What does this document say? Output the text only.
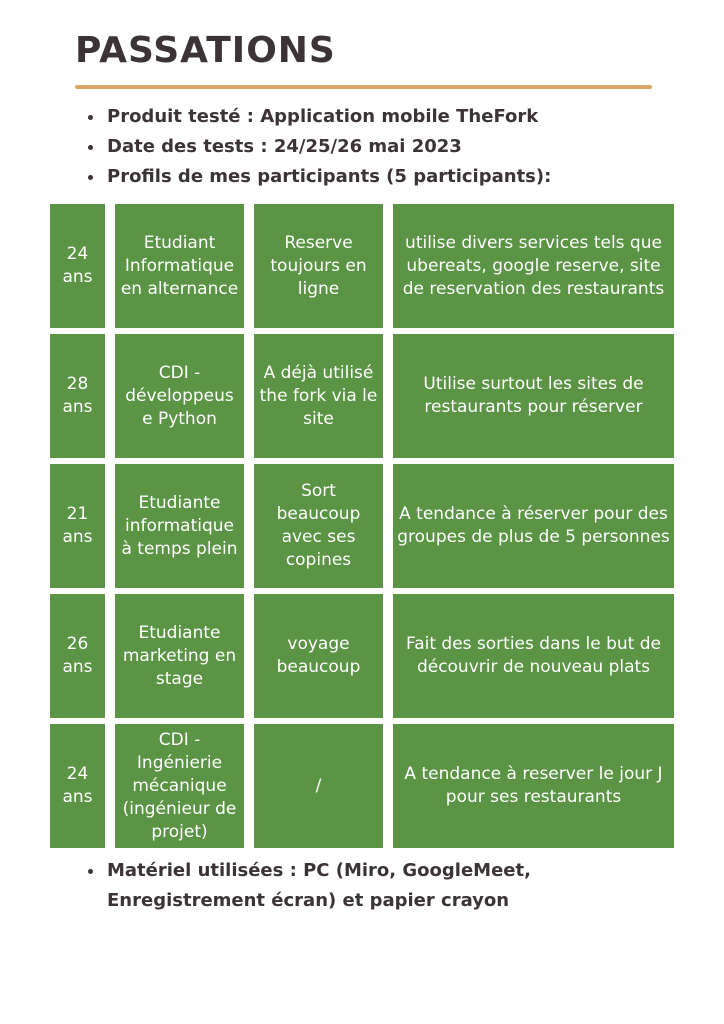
PASSATIONS
• Produit testé : Application mobile TheFork
• Date des tests : 24/25/26 mai 2023
• Profils de mes participants (5 participants):
24 ans
Etudiant Informatique en alternance
Reserve toujours en ligne
utilise divers services tels que ubereats, google reserve, site de reservation des restaurants
28 ans
CDI - développeus e Python
A déjà utilisé the fork via le site
Utilise surtout les sites de restaurants pour réserver
21 ans
Etudiante informatique à temps plein
Sort beaucoup avec ses copines
A tendance à réserver pour des groupes de plus de 5 personnes
26 ans
Etudiante marketing en stage
voyage beaucoup
Fait des sorties dans le but de découvrir de nouveau plats
24 ans
CDI - Ingénierie mécanique (ingénieur de projet)
/
A tendance à reserver le jour J pour ses restaurants
• Matériel utilisées : PC (Miro, GoogleMeet, Enregistrement écran) et papier crayon
